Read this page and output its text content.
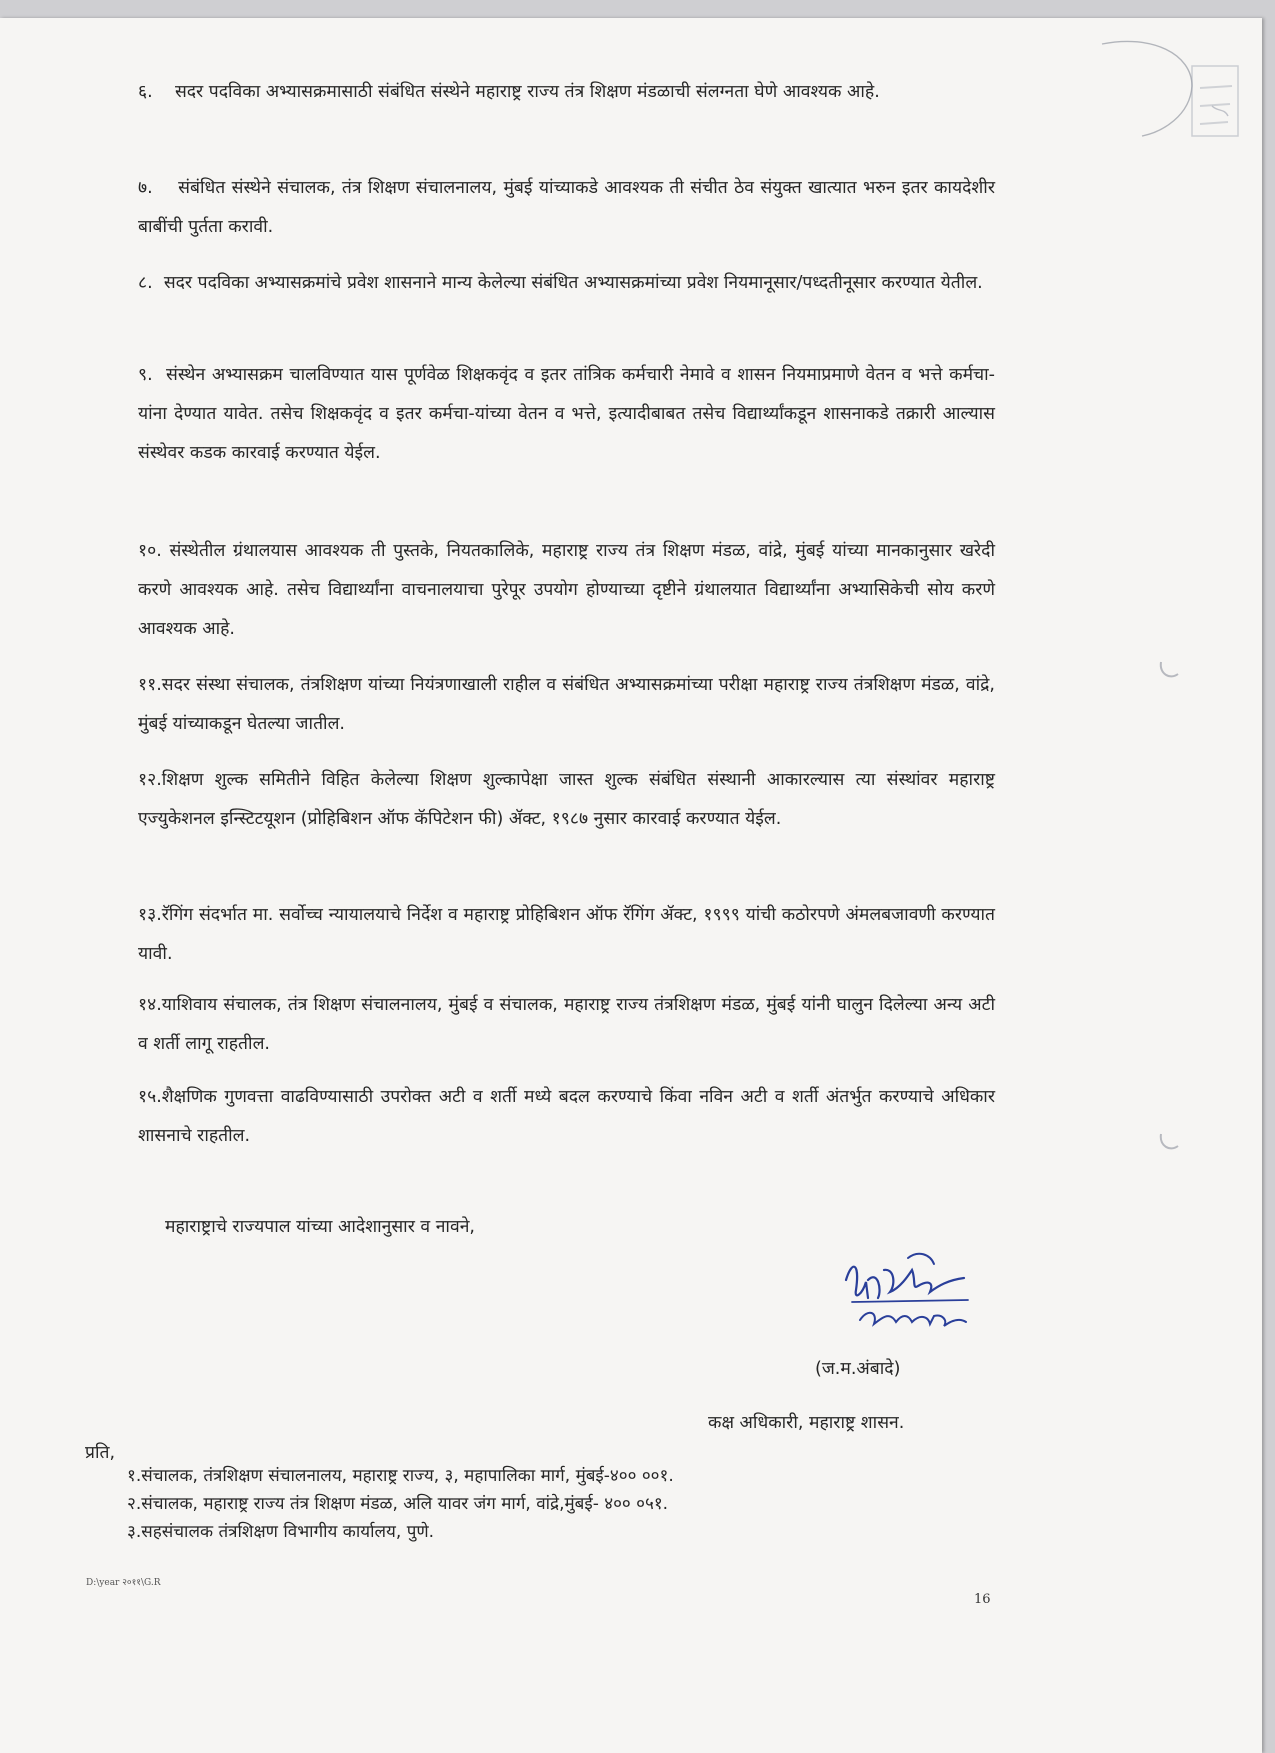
६. सदर पदविका अभ्यासक्रमासाठी संबंधित संस्थेने महाराष्ट्र राज्य तंत्र शिक्षण मंडळाची संलग्नता घेणे आवश्यक आहे.
७. संबंधित संस्थेने संचालक, तंत्र शिक्षण संचालनालय, मुंबई यांच्याकडे आवश्यक ती संचीत ठेव संयुक्त खात्यात भरुन इतर कायदेशीर बाबींची पुर्तता करावी.
८. सदर पदविका अभ्यासक्रमांचे प्रवेश शासनाने मान्य केलेल्या संबंधित अभ्यासक्रमांच्या प्रवेश नियमानूसार/पध्दतीनूसार करण्यात येतील.
९. संस्थेन अभ्यासक्रम चालविण्यात यास पूर्णवेळ शिक्षकवृंद व इतर तांत्रिक कर्मचारी नेमावे व शासन नियमाप्रमाणे वेतन व भत्ते कर्मचा-यांना देण्यात यावेत. तसेच शिक्षकवृंद व इतर कर्मचा-यांच्या वेतन व भत्ते, इत्यादीबाबत तसेच विद्यार्थ्यांकडून शासनाकडे तक्रारी आल्यास संस्थेवर कडक कारवाई करण्यात येईल.
१०. संस्थेतील ग्रंथालयास आवश्यक ती पुस्तके, नियतकालिके, महाराष्ट्र राज्य तंत्र शिक्षण मंडळ, वांद्रे, मुंबई यांच्या मानकानुसार खरेदी करणे आवश्यक आहे. तसेच विद्यार्थ्यांना वाचनालयाचा पुरेपूर उपयोग होण्याच्या दृष्टीने ग्रंथालयात विद्यार्थ्यांना अभ्यासिकेची सोय करणे आवश्यक आहे.
११.सदर संस्था संचालक, तंत्रशिक्षण यांच्या नियंत्रणाखाली राहील व संबंधित अभ्यासक्रमांच्या परीक्षा महाराष्ट्र राज्य तंत्रशिक्षण मंडळ, वांद्रे, मुंबई यांच्याकडून घेतल्या जातील.
१२.शिक्षण शुल्क समितीने विहित केलेल्या शिक्षण शुल्कापेक्षा जास्त शुल्क संबंधित संस्थानी आकारल्यास त्या संस्थांवर महाराष्ट्र एज्युकेशनल इन्स्टिटयूशन (प्रोहिबिशन ऑफ कॅपिटेशन फी) ॲक्ट, १९८७ नुसार कारवाई करण्यात येईल.
१३.रॅगिंग संदर्भात मा. सर्वोच्च न्यायालयाचे निर्देश व महाराष्ट्र प्रोहिबिशन ऑफ रॅगिंग ॲक्ट, १९९९ यांची कठोरपणे अंमलबजावणी करण्यात यावी.
१४.याशिवाय संचालक, तंत्र शिक्षण संचालनालय, मुंबई व संचालक, महाराष्ट्र राज्य तंत्रशिक्षण मंडळ, मुंबई यांनी घालुन दिलेल्या अन्य अटी व शर्ती लागू राहतील.
१५.शैक्षणिक गुणवत्ता वाढविण्यासाठी उपरोक्त अटी व शर्ती मध्ये बदल करण्याचे किंवा नविन अटी व शर्ती अंतर्भुत करण्याचे अधिकार शासनाचे राहतील.
महाराष्ट्राचे राज्यपाल यांच्या आदेशानुसार व नावने,
(ज.म.अंबादे)
कक्ष अधिकारी, महाराष्ट्र शासन.
प्रति,
१.संचालक, तंत्रशिक्षण संचालनालय, महाराष्ट्र राज्य, ३, महापालिका मार्ग, मुंबई-४०० ००१.
२.संचालक, महाराष्ट्र राज्य तंत्र शिक्षण मंडळ, अलि यावर जंग मार्ग, वांद्रे,मुंबई- ४०० ०५१.
३.सहसंचालक तंत्रशिक्षण विभागीय कार्यालय, पुणे.
D:\year २०११\G.R
16
